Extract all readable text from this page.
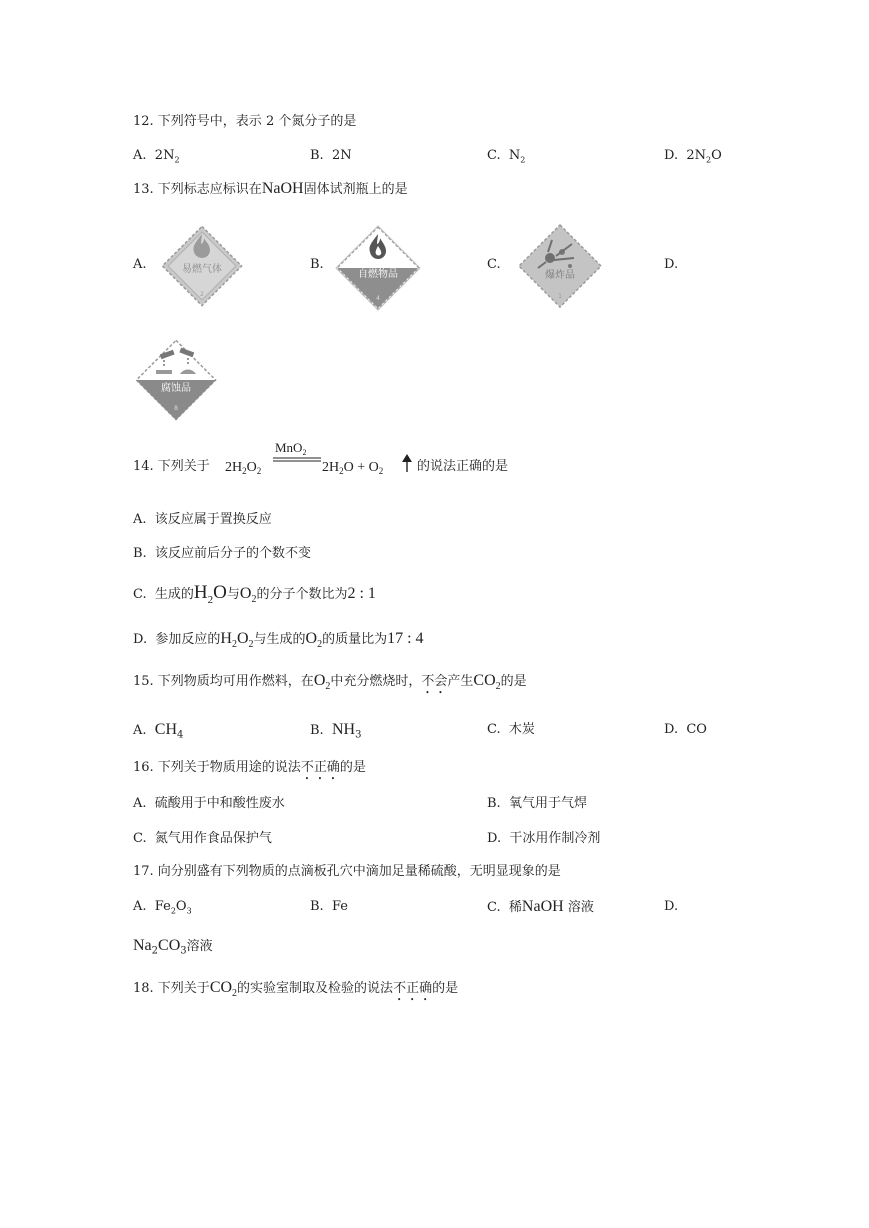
12. 下列符号中，表示 2 个氮分子的是
A. $2N_2$	B. 2N	C. $N_2$	D. $2N_2O$
13. 下列标志应标识在NaOH固体试剂瓶上的是
A.	易燃气体
2
B.
自燃物品
4
C.
爆炸品
1
D.
腐蚀品
8
14. 下列关于 $2H_2O_2$
MnO$_2$
$2H_2O + O_2$	的说法正确的是
A. 该反应属于置换反应
B. 该反应前后分子的个数不变
C. 生成的$H_2O$与$O_2$的分子个数比为2 : 1
D. 参加反应的$H_2O_2$与生成的$O_2$的质量比为17 : 4
15. 下列物质均可用作燃料，在$O_2$中充分燃烧时，不会产生$CO_2$的是
A. $CH_4$	B. $NH_3$	C. 木炭	D. CO
16. 下列关于物质用途的说法不正确的是
A. 硫酸用于中和酸性废水	B. 氧气用于气焊
C. 氮气用作食品保护气	D. 干冰用作制冷剂
17. 向分别盛有下列物质的点滴板孔穴中滴加足量稀硫酸，无明显现象的是
A. $Fe_2O_3$	B. Fe	C. 稀NaOH 溶液	D.
$Na_2CO_3$溶液
18. 下列关于$CO_2$的实验室制取及检验的说法不正确的是
